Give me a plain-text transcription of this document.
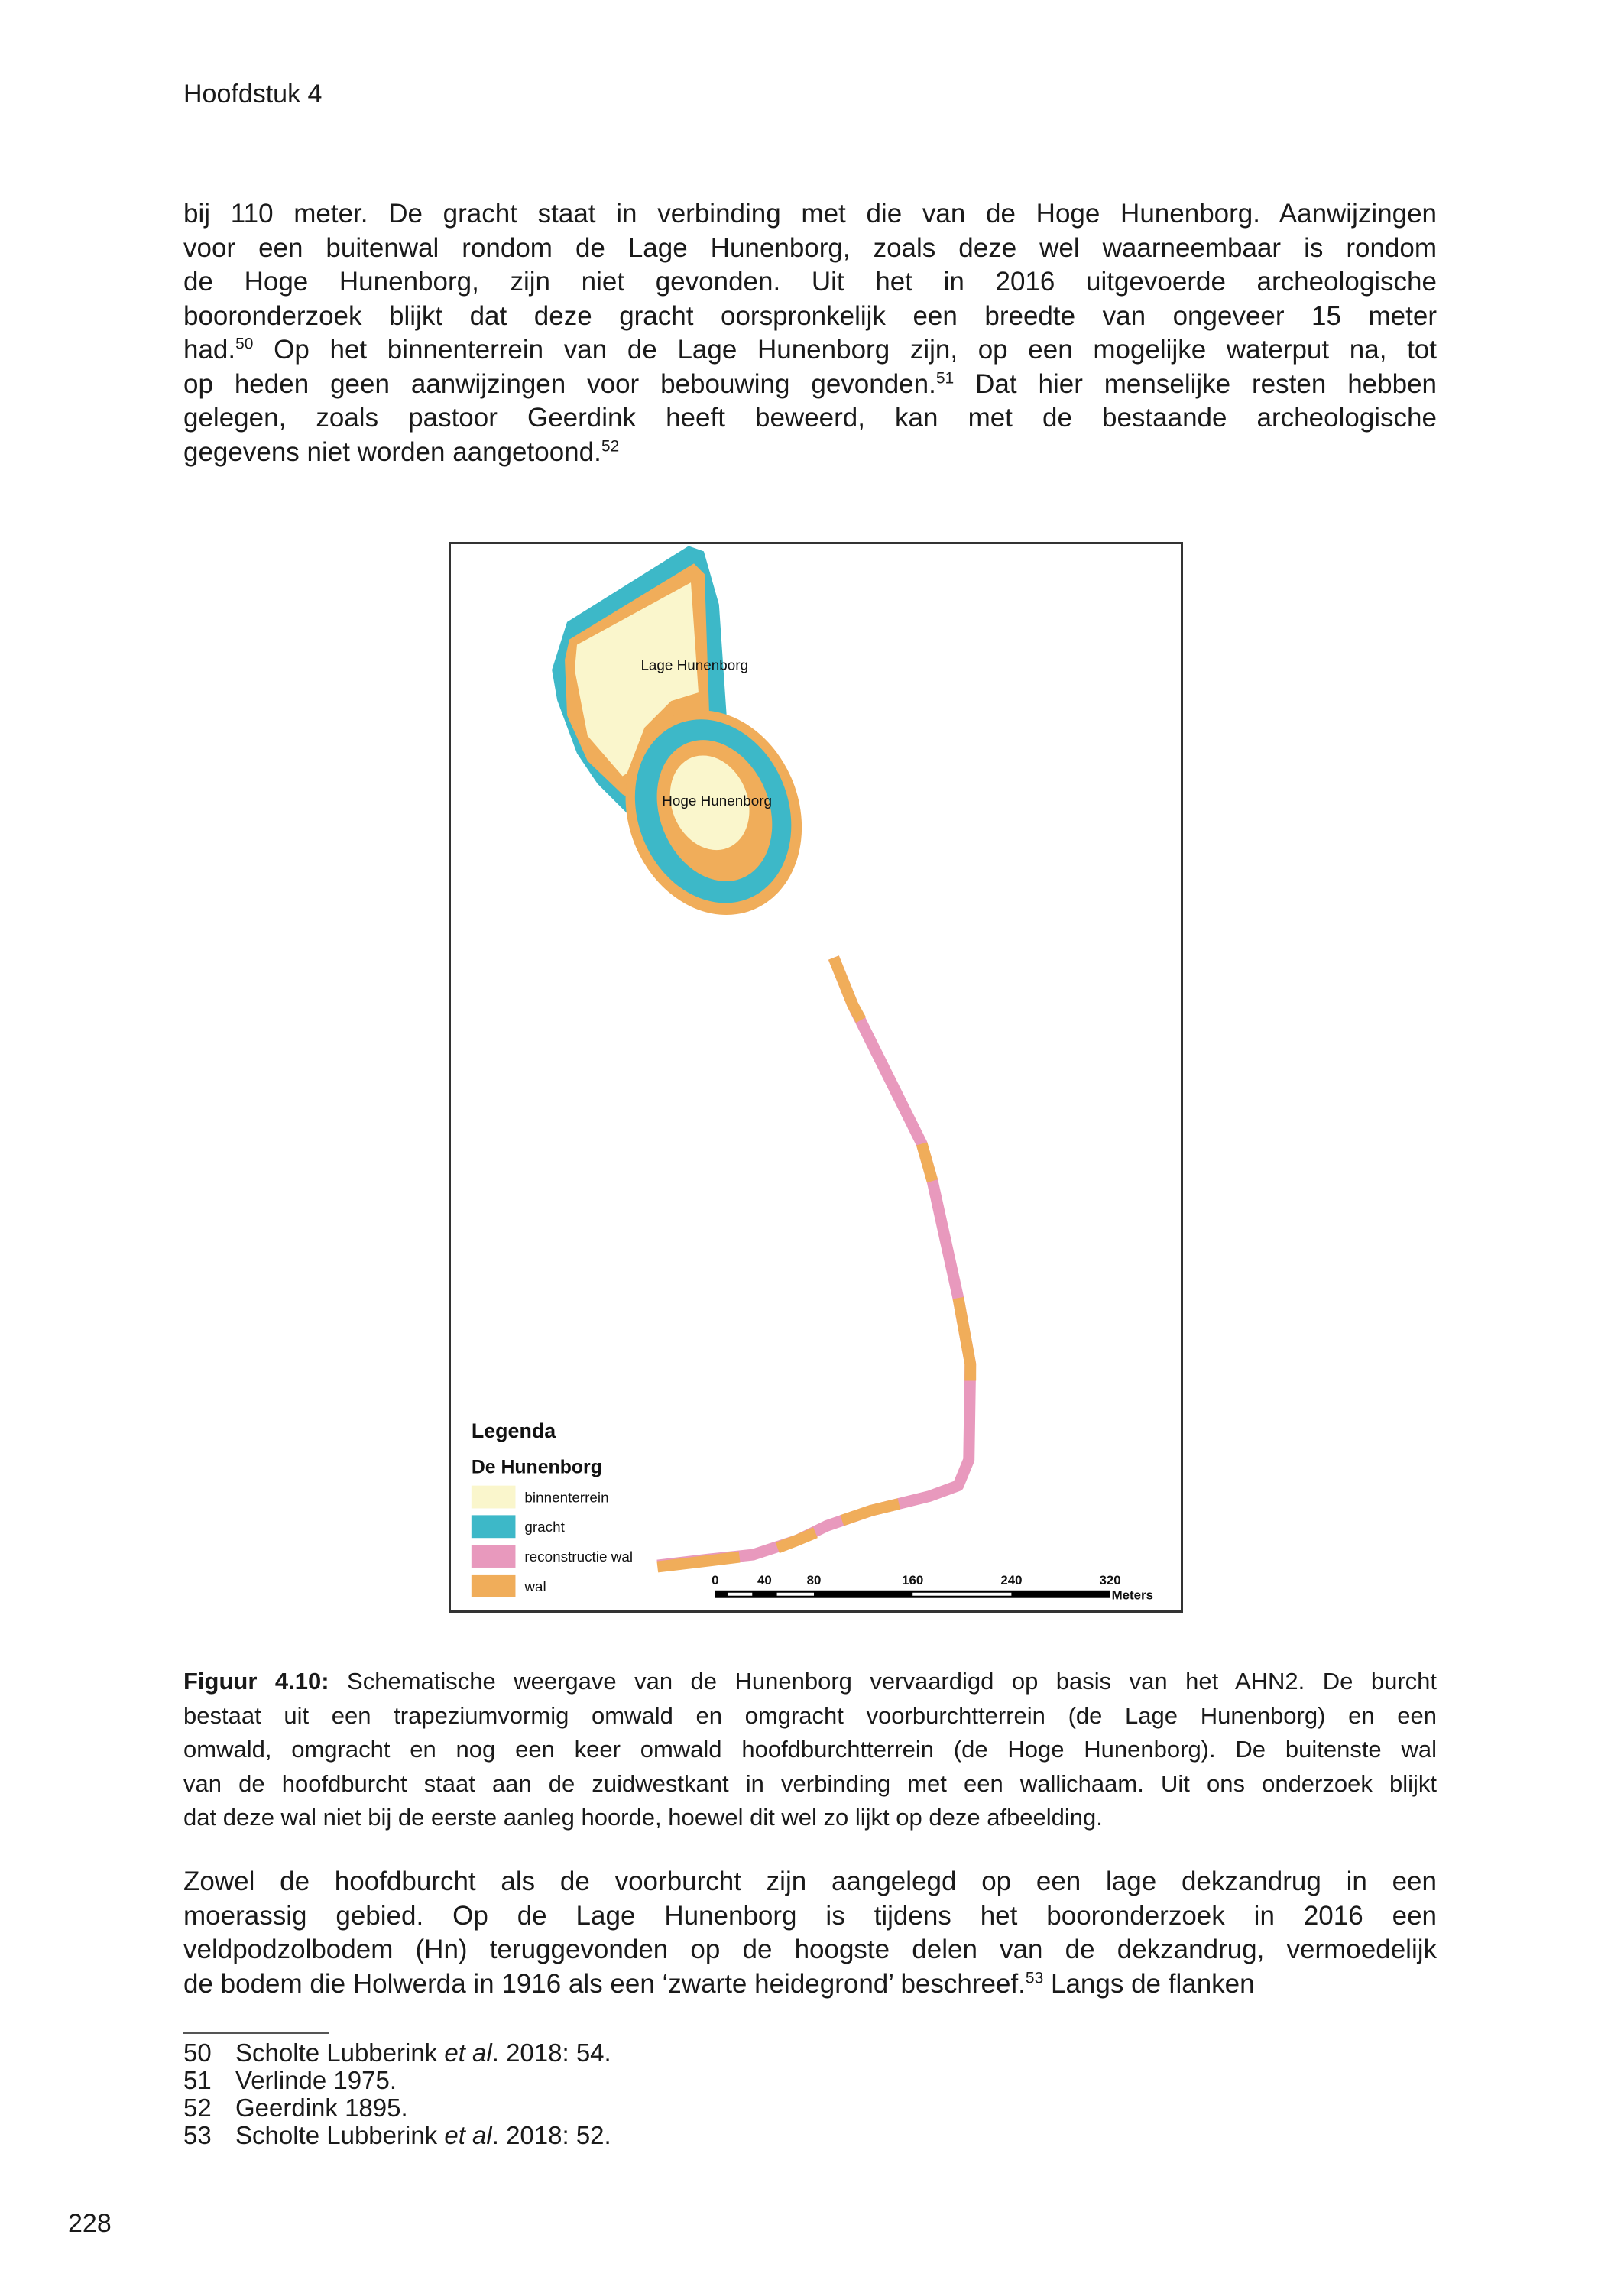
Hoofdstuk 4
bij 110 meter. De gracht staat in verbinding met die van de Hoge Hunenborg. Aanwijzingen
voor een buitenwal rondom de Lage Hunenborg, zoals deze wel waarneembaar is rondom
de Hoge Hunenborg, zijn niet gevonden. Uit het in 2016 uitgevoerde archeologische
booronderzoek blijkt dat deze gracht oorspronkelijk een breedte van ongeveer 15 meter
had.$^{50}$ Op het binnenterrein van de Lage Hunenborg zijn, op een mogelijke waterput na, tot
op heden geen aanwijzingen voor bebouwing gevonden.$^{51}$ Dat hier menselijke resten hebben
gelegen, zoals pastoor Geerdink heeft beweerd, kan met de bestaande archeologische
gegevens niet worden aangetoond.$^{52}$
Lage Hunenborg
Hoge Hunenborg
Legenda
De Hunenborg
binnenterrein
gracht
reconstructie wal
wal	0	40	80	160	240	320
Meters
Figuur 4.10: Schematische weergave van de Hunenborg vervaardigd op basis van het AHN2. De burcht
bestaat uit een trapeziumvormig omwald en omgracht voorburchtterrein (de Lage Hunenborg) en een
omwald, omgracht en nog een keer omwald hoofdburchtterrein (de Hoge Hunenborg). De buitenste wal
van de hoofdburcht staat aan de zuidwestkant in verbinding met een wallichaam. Uit ons onderzoek blijkt
dat deze wal niet bij de eerste aanleg hoorde, hoewel dit wel zo lijkt op deze afbeelding.
Zowel de hoofdburcht als de voorburcht zijn aangelegd op een lage dekzandrug in een
moerassig gebied. Op de Lage Hunenborg is tijdens het booronderzoek in 2016 een
veldpodzolbodem (Hn) teruggevonden op de hoogste delen van de dekzandrug, vermoedelijk
de bodem die Holwerda in 1916 als een ‘zwarte heidegrond’ beschreef.$^{53}$ Langs de flanken
50 Scholte Lubberink et al. 2018: 54.
51 Verlinde 1975.
52 Geerdink 1895.
53 Scholte Lubberink et al. 2018: 52.
228
